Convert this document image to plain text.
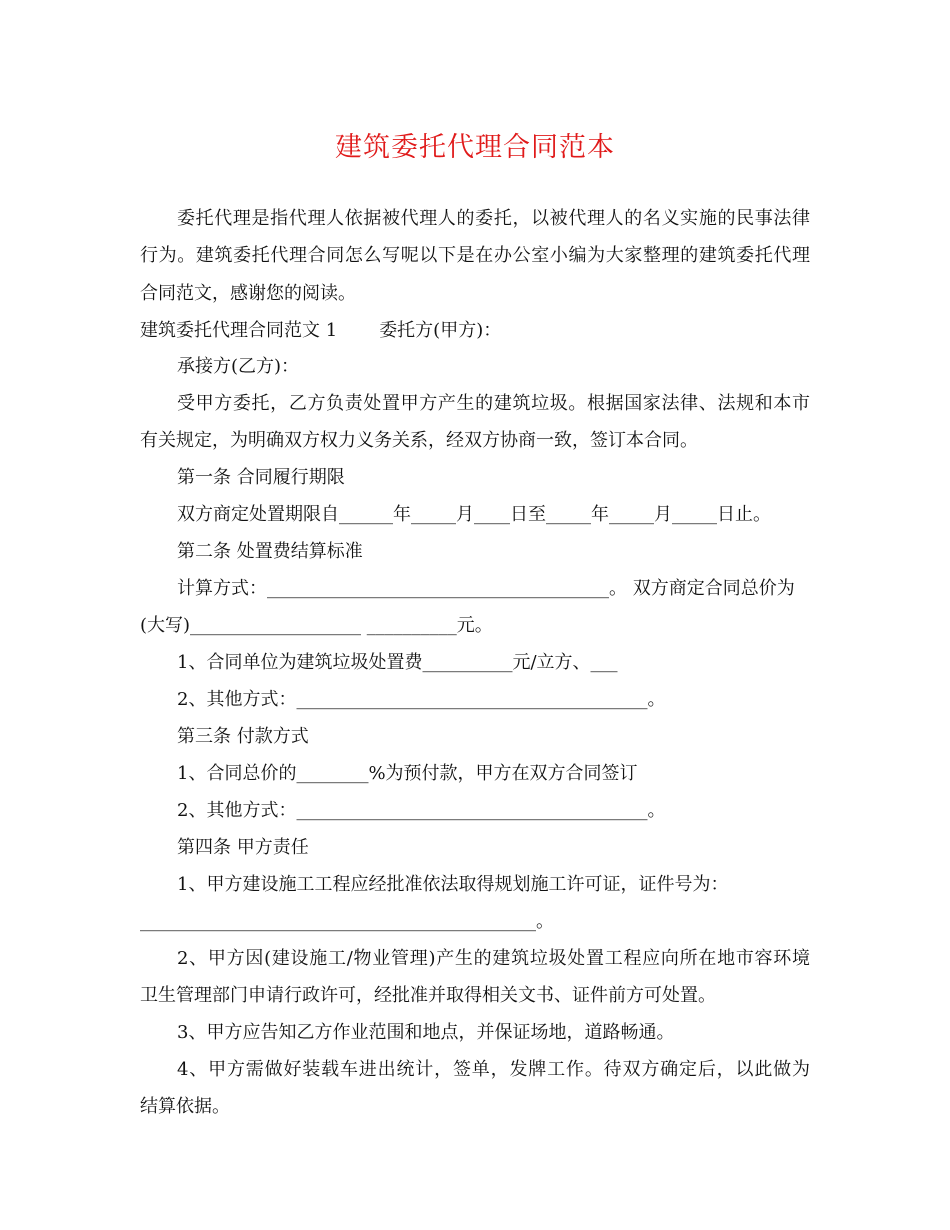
建筑委托代理合同范本

委托代理是指代理人依据被代理人的委托，以被代理人的名义实施的民事法律

行为。建筑委托代理合同怎么写呢以下是在办公室小编为大家整理的建筑委托代理

合同范文，感谢您的阅读。

建筑委托代理合同范文 1 委托方(甲方)：

承接方(乙方)：

受甲方委托，乙方负责处置甲方产生的建筑垃圾。根据国家法律、法规和本市

有关规定，为明确双方权力义务关系，经双方协商一致，签订本合同。

第一条 合同履行期限

双方商定处置期限自______年_____月____日至_____年_____月_____日止。

第二条 处置费结算标准

计算方式：______________________________________。 双方商定合同总价为

(大写)___________________ __________元。

1、合同单位为建筑垃圾处置费__________元/立方、___

2、其他方式：_______________________________________。

第三条 付款方式

1、合同总价的________%为预付款，甲方在双方合同签订

2、其他方式：_______________________________________。

第四条 甲方责任

1、甲方建设施工工程应经批准依法取得规划施工许可证，证件号为：

____________________________________________。

2、甲方因(建设施工/物业管理)产生的建筑垃圾处置工程应向所在地市容环境

卫生管理部门申请行政许可，经批准并取得相关文书、证件前方可处置。

3、甲方应告知乙方作业范围和地点，并保证场地，道路畅通。

4、甲方需做好装载车进出统计，签单，发牌工作。待双方确定后，以此做为

结算依据。
